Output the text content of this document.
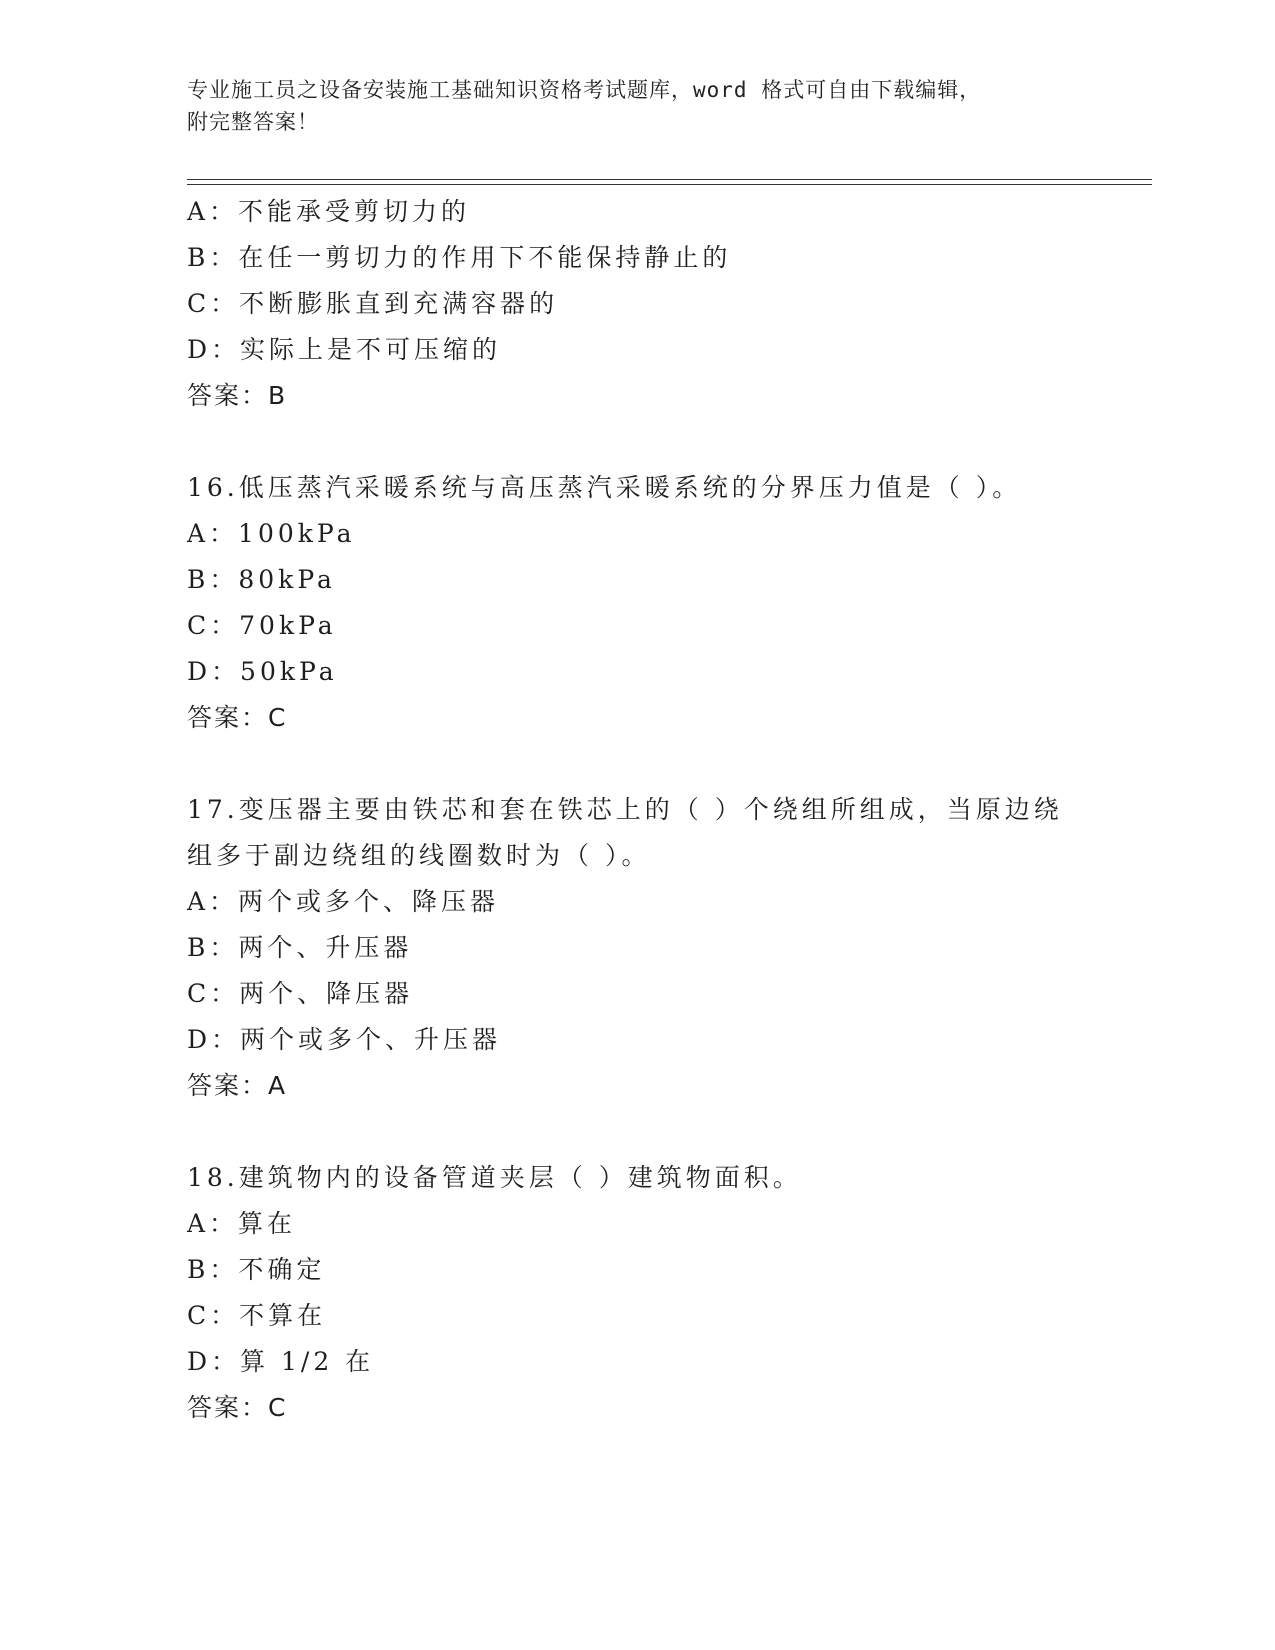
专业施工员之设备安装施工基础知识资格考试题库，word 格式可自由下载编辑，
附完整答案！
A：不能承受剪切力的
B：在任一剪切力的作用下不能保持静止的
C：不断膨胀直到充满容器的
D：实际上是不可压缩的
答案：B
16.低压蒸汽采暖系统与高压蒸汽采暖系统的分界压力值是（ ）。
A：100kPa
B：80kPa
C：70kPa
D：50kPa
答案：C
17.变压器主要由铁芯和套在铁芯上的（ ）个绕组所组成，当原边绕
组多于副边绕组的线圈数时为（ ）。
A：两个或多个、降压器
B：两个、升压器
C：两个、降压器
D：两个或多个、升压器
答案：A
18.建筑物内的设备管道夹层（ ）建筑物面积。
A：算在
B：不确定
C：不算在
D：算 1/2 在
答案：C
